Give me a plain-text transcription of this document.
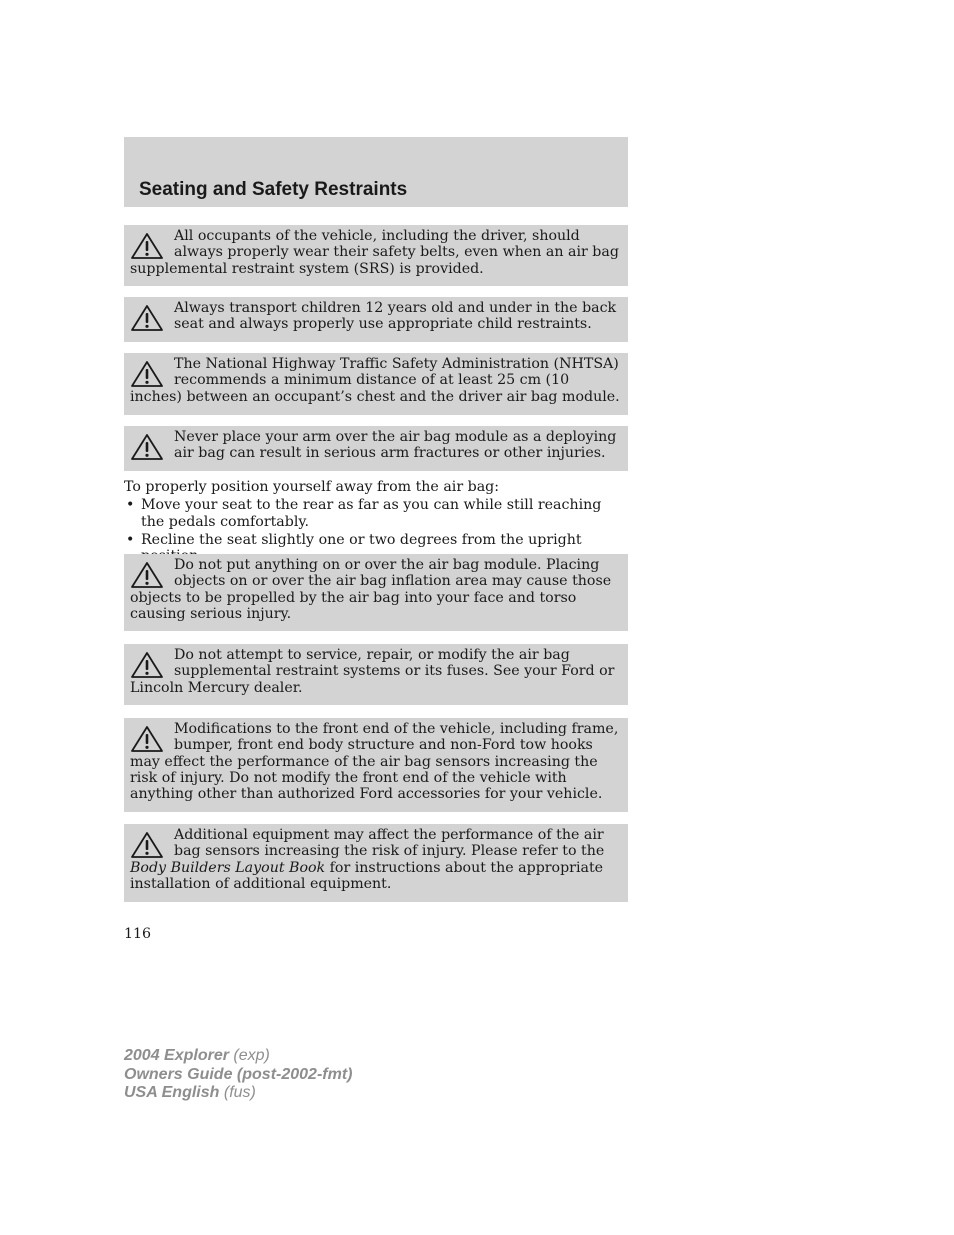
Seating and Safety Restraints
All occupants of the vehicle, including the driver, should always properly wear their safety belts, even when an air bag supplemental restraint system (SRS) is provided.
Always transport children 12 years old and under in the back seat and always properly use appropriate child restraints.
The National Highway Traffic Safety Administration (NHTSA) recommends a minimum distance of at least 25 cm (10 inches) between an occupant’s chest and the driver air bag module.
Never place your arm over the air bag module as a deploying air bag can result in serious arm fractures or other injuries.
To properly position yourself away from the air bag:
• Move your seat to the rear as far as you can while still reaching the pedals comfortably.
• Recline the seat slightly one or two degrees from the upright
Do not put anything on or over the air bag module. Placing objects on or over the air bag inflation area may cause those objects to be propelled by the air bag into your face and torso causing serious injury.
Do not attempt to service, repair, or modify the air bag supplemental restraint systems or its fuses. See your Ford or Lincoln Mercury dealer.
Modifications to the front end of the vehicle, including frame, bumper, front end body structure and non-Ford tow hooks may effect the performance of the air bag sensors increasing the risk of injury. Do not modify the front end of the vehicle with anything other than authorized Ford accessories for your vehicle.
Additional equipment may affect the performance of the air bag sensors increasing the risk of injury. Please refer to the Body Builders Layout Book for instructions about the appropriate installation of additional equipment.
116
2004 Explorer (exp)
Owners Guide (post-2002-fmt)
USA English (fus)
